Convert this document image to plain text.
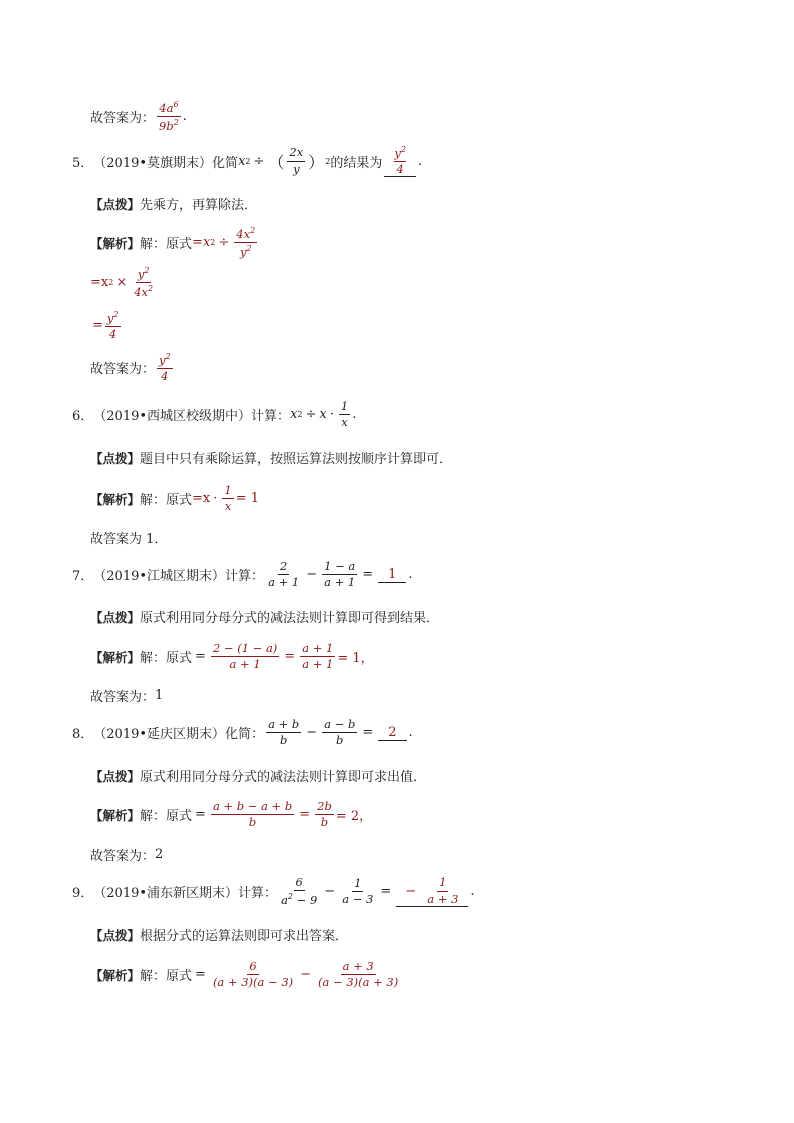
故答案为： $\frac{4a^6}{9b^2}$ .
5． （2019•莫旗期末） 化简 x 2 ÷ （ $\frac{2x}{y}$ ） 2 的结果为 $\frac{y^2}{4}$ .
【点拨】 先乘方，再算除法．
【解析】 解：原式 = x $2 \div \frac{4x^2}{y^2}$
=x $2 \times \frac{y^2}{4x^2}$
= $\frac{y^2}{4}$
故答案为： $\frac{y^2}{4}$
6． （2019•西城区校级期中） 计算： x $2 \div x \cdot \frac{1}{x}$ .
【点拨】 题目中只有乘除运算，按照运算法则按顺序计算即可．
【解析】 解：原式 $=x \cdot \frac{1}{x} = 1$
故答案为 1．
7． （2019•江城区期末） 计算： $\frac{2}{a + 1} - \frac{1 - a}{a + 1}$ =	1 .
【点拨】 原式利用同分母分式的减法法则计算即可得到结果．
【解析】 解：原式 = $\frac{2 - (1 - a)}{a + 1} = \frac{a + 1}{a + 1} = 1$，
故答案为： 1
8． （2019•延庆区期末） 化简： $\frac{a + b}{b} - \frac{a - b}{b}$ =	2 .
【点拨】 原式利用同分母分式的减法法则计算即可求出值．
【解析】 解：原式 = $\frac{a + b - a + b}{b} = \frac{2b}{b} = 2$，
故答案为： 2
9． （2019•浦东新区期末） 计算： $\frac{6}{a^2 - 9} - \frac{1}{a - 3}$ =	− $\frac{1}{a + 3}$ .
【点拨】 根据分式的运算法则即可求出答案．
【解析】 解：原式 = $\frac{6}{(a + 3)(a - 3)} - \frac{a + 3}{(a - 3)(a + 3)}$
